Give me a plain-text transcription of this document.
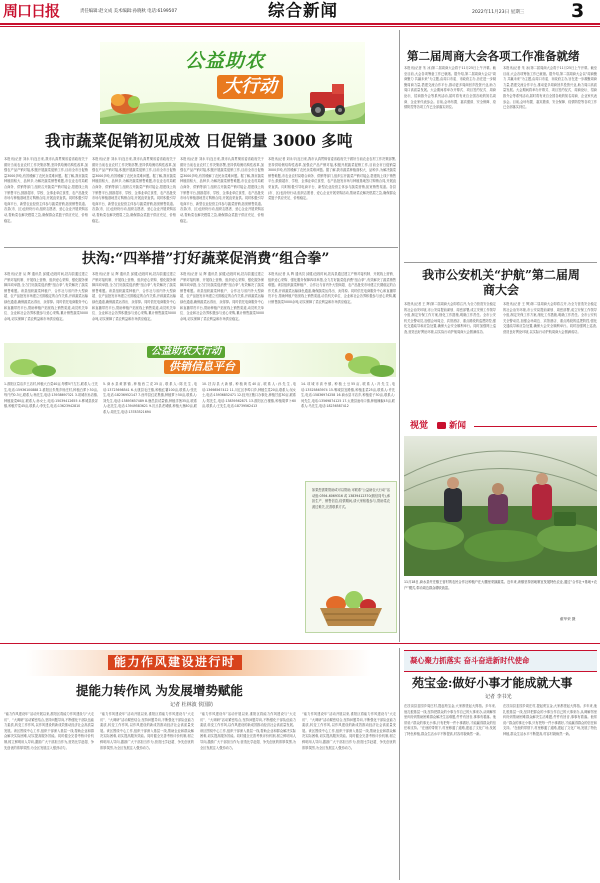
周口日报	责任编辑:赵文成 美术编辑:孙晓秋 电话:6199507	综合新闻	2022年11月23日 星期三 3
公益助农
大行动
我市蔬菜促销初见成效 日促销量 3000 多吨
本报讯(记者 刘永平)连日来,我市认真贯彻省委省政府关于做好当前农业农村工作决策部署,坚持供给侧结构性改革,加强农产品产销对接,积极开展蔬菜促销工作,目前全市日促销量3000多吨,有效缓解了农民卖菜难问题。据了解,我市蔬菜种植面积大、品种多,为解决蔬菜销售难题,市农业农村局联合商务、供销等部门,组织召开蔬菜产销对接会,搭建线上线下销售平台,鼓励超市、学校、企事业单位食堂、农产品批发市场与种植基地签订购销合同,开展直采直供。同时积极引导电商平台、新型农业经营主体参与蔬菜营销,拓宽销售渠道。各县(市、区)也纷纷行动,组织志愿者、爱心企业开展采购活动,帮助菜农解决燃眉之急,确保群众菜篮子供应充足、价格稳定。
本报讯(记者 刘永平)连日来,我市认真贯彻省委省政府关于做好当前农业农村工作决策部署,坚持供给侧结构性改革,加强农产品产销对接,积极开展蔬菜促销工作,目前全市日促销量3000多吨,有效缓解了农民卖菜难问题。据了解,我市蔬菜种植面积大、品种多,为解决蔬菜销售难题,市农业农村局联合商务、供销等部门,组织召开蔬菜产销对接会,搭建线上线下销售平台,鼓励超市、学校、企事业单位食堂、农产品批发市场与种植基地签订购销合同,开展直采直供。同时积极引导电商平台、新型农业经营主体参与蔬菜营销,拓宽销售渠道。各县(市、区)也纷纷行动,组织志愿者、爱心企业开展采购活动,帮助菜农解决燃眉之急,确保群众菜篮子供应充足、价格稳定。
本报讯(记者 刘永平)连日来,我市认真贯彻省委省政府关于做好当前农业农村工作决策部署,坚持供给侧结构性改革,加强农产品产销对接,积极开展蔬菜促销工作,目前全市日促销量3000多吨,有效缓解了农民卖菜难问题。据了解,我市蔬菜种植面积大、品种多,为解决蔬菜销售难题,市农业农村局联合商务、供销等部门,组织召开蔬菜产销对接会,搭建线上线下销售平台,鼓励超市、学校、企事业单位食堂、农产品批发市场与种植基地签订购销合同,开展直采直供。同时积极引导电商平台、新型农业经营主体参与蔬菜营销,拓宽销售渠道。各县(市、区)也纷纷行动,组织志愿者、爱心企业开展采购活动,帮助菜农解决燃眉之急,确保群众菜篮子供应充足、价格稳定。
本报讯(记者 刘永平)连日来,我市认真贯彻省委省政府关于做好当前农业农村工作决策部署,坚持供给侧结构性改革,加强农产品产销对接,积极开展蔬菜促销工作,目前全市日促销量3000多吨,有效缓解了农民卖菜难问题。据了解,我市蔬菜种植面积大、品种多,为解决蔬菜销售难题,市农业农村局联合商务、供销等部门,组织召开蔬菜产销对接会,搭建线上线下销售平台,鼓励超市、学校、企事业单位食堂、农产品批发市场与种植基地签订购销合同,开展直采直供。同时积极引导电商平台、新型农业经营主体参与蔬菜营销,拓宽销售渠道。各县(市、区)也纷纷行动,组织志愿者、爱心企业开展采购活动,帮助菜农解决燃眉之急,确保群众菜篮子供应充足、价格稳定。
扶沟:“四举措”打好蔬菜促消费“组合拳”
本报讯(记者 从 辉 通讯员 邱健)近段时间,扶沟县通过建立产销对接机制、开展线上营销、组织爱心采购、强化服务保障四项举措,全力打好蔬菜促消费“组合拳”,有效解决了蔬菜销售难题。该县组织蔬菜种植户、合作社与省内外大型商超、农产品批发市场建立长期稳定的合作关系,开辟蔬菜运输绿色通道,确保蔬菜运得出、卖得掉。同时依托电商服务中心和直播带货平台,帮助种植户拓宽线上销售渠道,动员机关单位、企业和社会各界积极参与爱心采购,累计销售蔬菜5000余吨,切实保障了菜农利益和市场供应稳定。
本报讯(记者 从 辉 通讯员 邱健)近段时间,扶沟县通过建立产销对接机制、开展线上营销、组织爱心采购、强化服务保障四项举措,全力打好蔬菜促消费“组合拳”,有效解决了蔬菜销售难题。该县组织蔬菜种植户、合作社与省内外大型商超、农产品批发市场建立长期稳定的合作关系,开辟蔬菜运输绿色通道,确保蔬菜运得出、卖得掉。同时依托电商服务中心和直播带货平台,帮助种植户拓宽线上销售渠道,动员机关单位、企业和社会各界积极参与爱心采购,累计销售蔬菜5000余吨,切实保障了菜农利益和市场供应稳定。
本报讯(记者 从 辉 通讯员 邱健)近段时间,扶沟县通过建立产销对接机制、开展线上营销、组织爱心采购、强化服务保障四项举措,全力打好蔬菜促消费“组合拳”,有效解决了蔬菜销售难题。该县组织蔬菜种植户、合作社与省内外大型商超、农产品批发市场建立长期稳定的合作关系,开辟蔬菜运输绿色通道,确保蔬菜运得出、卖得掉。同时依托电商服务中心和直播带货平台,帮助种植户拓宽线上销售渠道,动员机关单位、企业和社会各界积极参与爱心采购,累计销售蔬菜5000余吨,切实保障了菜农利益和市场供应稳定。
本报讯(记者 从 辉 通讯员 邱健)近段时间,扶沟县通过建立产销对接机制、开展线上营销、组织爱心采购、强化服务保障四项举措,全力打好蔬菜促消费“组合拳”,有效解决了蔬菜销售难题。该县组织蔬菜种植户、合作社与省内外大型商超、农产品批发市场建立长期稳定的合作关系,开辟蔬菜运输绿色通道,确保蔬菜运得出、卖得掉。同时依托电商服务中心和直播带货平台,帮助种植户拓宽线上销售渠道,动员机关单位、企业和社会各界积极参与爱心采购,累计销售蔬菜5000余吨,切实保障了菜农利益和市场供应稳定。
公益助农大行动
供销信息平台
1.淮阳区葛店乡王店村,种植大白菜40亩,每棵5斤左右,联系人:王先生,电话:15936100888 2.淮阳区朱集乡杨庄村,种植白萝卜30亩,每斤约0.3元,联系人:杨先生,电话:13938697321 3.项城市孙店镇,种植菠菜60亩,联系人:孙女士,电话:15039412655 4.郸城县汲冢镇,种植芹菜45亩,联系人:李先生,电话:13623942810
5.商水县黄寨镇,种植西兰花25亩,联系人:陈先生,电话:13723698541 6.太康县毛庄镇,种植红薯100亩,联系人:张先生,电话:18236952147 7.西华县红花集镇,种植萝卜50亩,联系人:刘先生,电话:15893657489 8.鹿邑县试量镇,种植洋葱35亩,联系人:赵先生,电话:13949583621 9.沈丘县老城镇,种植大葱80亩,联系人:周先生,电话:13783521694
10.扶沟县大新镇,种植黄瓜40亩,联系人:孙先生,电话:13698567412 11.川汇区李埠口乡,种植生菜20亩,联系人:吴女士,电话:15936852471 12.经开区搬口办事处,种植甘蓝30亩,联系人:郑先生,电话:13839562871 13.淮阳区白楼镇,种植胡萝卜60亩,联系人:王先生,电话:18739562413
14.项城市高寺镇,种植土豆55亩,联系人:冯先生,电话:13525863974 15.郸城县宜路镇,种植韭菜25亩,联系人:许先生,电话:15836974258 16.商水县平店乡,种植茄子30亩,联系人:何先生,电话:13569874125 17.太康县逊母口镇,种植辣椒45亩,联系人:马先生,电话:18236587412
如果您需要帮助或可以帮助,可联系“公益助农大行动”活动组:0394-6069316 或 13839412370(微信同号),承担生产、销售信息,疫情期间,请大家积极参与,帮助菜农渡过难关,完善联系方式。
第二届周商大会各项工作准备就绪
本报讯(记者 朱 冰)第二届周商大会将于11月25日上午开幕。截至目前,大会各项筹备工作已就绪。据介绍,第二届周商大会以“周商聚力 共赢未来”为主题,由周口市委、市政府主办,旨在进一步凝聚周商力量,搭建交流合作平台,推动更多周商回乡投资兴业,助力周口高质量发展。大会期间将举办开幕式、项目签约仪式、周商论坛、招商推介会等系列活动,届时将有来自全国各地的知名周商、企业家代表参会。目前,会场布置、嘉宾邀请、安全保障、疫情防控等各项工作已全部落实到位。
本报讯(记者 朱 冰)第二届周商大会将于11月25日上午开幕。截至目前,大会各项筹备工作已就绪。据介绍,第二届周商大会以“周商聚力 共赢未来”为主题,由周口市委、市政府主办,旨在进一步凝聚周商力量,搭建交流合作平台,推动更多周商回乡投资兴业,助力周口高质量发展。大会期间将举办开幕式、项目签约仪式、周商论坛、招商推介会等系列活动,届时将有来自全国各地的知名周商、企业家代表参会。目前,会场布置、嘉宾邀请、安全保障、疫情防控等各项工作已全部落实到位。
我市公安机关“护航”第二届周商大会
本报讯(记者 王 辉)第二届周商大会即将召开,为全力营造安全稳定的社会治安环境,市公安局提前谋划、周密部署,成立安保工作领导小组,制定安保工作方案,细化工作措施,明确工作责任。全市公安机关全警动员,加强会场周边、宾馆酒店、重点路段的巡逻防控,强化交通疏导和应急处置,确保大会安全顺利举行。同时加强网上巡查,营造良好舆论环境,以实际行动护航周商大会圆满成功。
本报讯(记者 王 辉)第二届周商大会即将召开,为全力营造安全稳定的社会治安环境,市公安局提前谋划、周密部署,成立安保工作领导小组,制定安保工作方案,细化工作措施,明确工作责任。全市公安机关全警动员,加强会场周边、宾馆酒店、重点路段的巡逻防控,强化交通疏导和应急处置,确保大会安全顺利举行。同时加强网上巡查,营造良好舆论环境,以实际行动护航周商大会圆满成功。
视觉 新闻
11月18日,商水县许庄镇王营村的农民合作社种植户在大棚里采摘蔬菜。近年来,该镇坚持因地制宜发展特色农业,通过“合作社+基地+农户”模式,带动周边群众增收致富。
翟华荣 摄
能力作风建设进行时
提能力转作风 为发展增势赋能
记者 杜林波 侯国防
“能力作风建设年”活动开展以来,淮阳区将能力作风建设与“大走访”、“大调研”活动紧密结合,坚持问题导向,不断强化干部队伍能力素质,转变工作作风,以作风建设的新成效推动经济社会高质量发展。该区围绕中心工作,组织干部深入基层一线,帮助企业和群众解决实际困难,切实提高服务效能。同时健全完善考核评价机制,树立鲜明用人导向,激励广大干部担当作为,营造比学赶超、争先创优的浓厚氛围,为全区发展注入强劲动力。
“能力作风建设年”活动开展以来,淮阳区将能力作风建设与“大走访”、“大调研”活动紧密结合,坚持问题导向,不断强化干部队伍能力素质,转变工作作风,以作风建设的新成效推动经济社会高质量发展。该区围绕中心工作,组织干部深入基层一线,帮助企业和群众解决实际困难,切实提高服务效能。同时健全完善考核评价机制,树立鲜明用人导向,激励广大干部担当作为,营造比学赶超、争先创优的浓厚氛围,为全区发展注入强劲动力。
“能力作风建设年”活动开展以来,淮阳区将能力作风建设与“大走访”、“大调研”活动紧密结合,坚持问题导向,不断强化干部队伍能力素质,转变工作作风,以作风建设的新成效推动经济社会高质量发展。该区围绕中心工作,组织干部深入基层一线,帮助企业和群众解决实际困难,切实提高服务效能。同时健全完善考核评价机制,树立鲜明用人导向,激励广大干部担当作为,营造比学赶超、争先创优的浓厚氛围,为全区发展注入强劲动力。
“能力作风建设年”活动开展以来,淮阳区将能力作风建设与“大走访”、“大调研”活动紧密结合,坚持问题导向,不断强化干部队伍能力素质,转变工作作风,以作风建设的新成效推动经济社会高质量发展。该区围绕中心工作,组织干部深入基层一线,帮助企业和群众解决实际困难,切实提高服务效能。同时健全完善考核评价机制,树立鲜明用人导向,激励广大干部担当作为,营造比学赶超、争先创优的浓厚氛围,为全区发展注入强劲动力。
凝心聚力抓落实 奋斗奋进新时代使命
苑宝金:做好小事才能成就大事
记者 李书光
在扶沟县韭园乡周庄村,提起苑宝金,大家都竖起大拇指。多年来,他扎根基层一线,坚持把群众的小事当作自己的大事来办,从调解邻里纠纷到帮助困难群众解决生活难题,件件有回音,事事有着落。他常说:“群众的事无小事,只有把每一件小事做好,才能赢得群众的信任和支持。”在他的带领下,村里修通了道路,建起了文化广场,发展了特色种植,群众生活水平不断提高,村容村貌焕然一新。
在扶沟县韭园乡周庄村,提起苑宝金,大家都竖起大拇指。多年来,他扎根基层一线,坚持把群众的小事当作自己的大事来办,从调解邻里纠纷到帮助困难群众解决生活难题,件件有回音,事事有着落。他常说:“群众的事无小事,只有把每一件小事做好,才能赢得群众的信任和支持。”在他的带领下,村里修通了道路,建起了文化广场,发展了特色种植,群众生活水平不断提高,村容村貌焕然一新。
